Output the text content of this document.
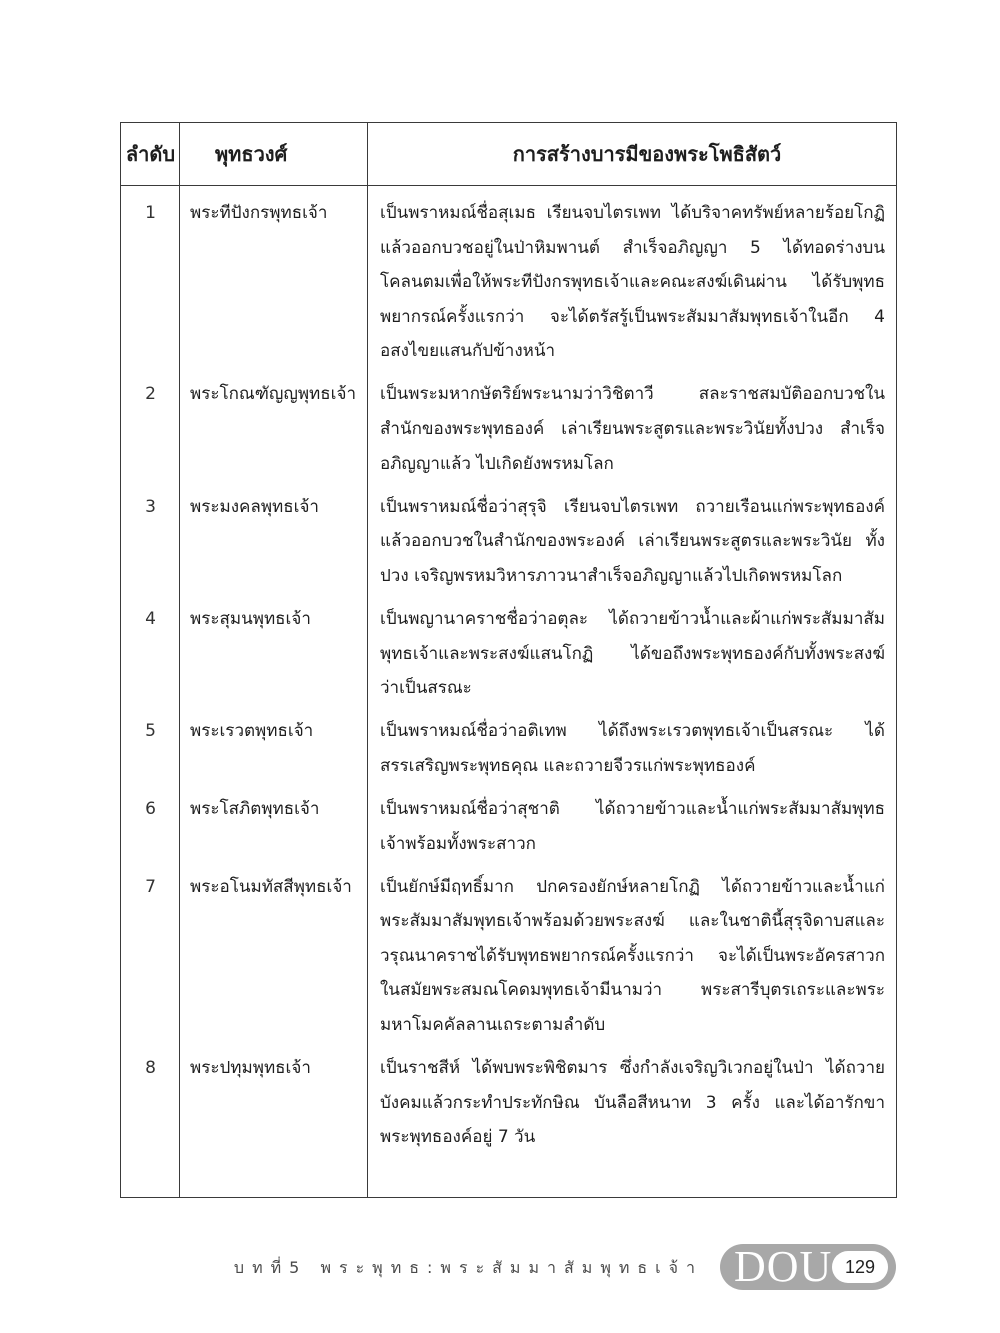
ลำดับ	พุทธวงศ์	การสร้างบารมีของพระโพธิสัตว์
1	พระทีปังกรพุทธเจ้า	เป็นพราหมณ์ชื่อสุเมธ เรียนจบไตรเพท ได้บริจาคทรัพย์หลายร้อยโกฏิ
แล้วออกบวชอยู่ในป่าหิมพานต์ สำเร็จอภิญญา 5 ได้ทอดร่างบน
โคลนตมเพื่อให้พระทีปังกรพุทธเจ้าและคณะสงฆ์เดินผ่าน ได้รับพุทธ
พยากรณ์ครั้งแรกว่า จะได้ตรัสรู้เป็นพระสัมมาสัมพุทธเจ้าในอีก 4
อสงไขยแสนกัปข้างหน้า
2	พระโกณฑัญญพุทธเจ้า	เป็นพระมหากษัตริย์พระนามว่าวิชิตาวี สละราชสมบัติออกบวชใน
สำนักของพระพุทธองค์ เล่าเรียนพระสูตรและพระวินัยทั้งปวง สำเร็จ
อภิญญาแล้ว ไปเกิดยังพรหมโลก
3	พระมงคลพุทธเจ้า	เป็นพราหมณ์ชื่อว่าสุรุจิ เรียนจบไตรเพท ถวายเรือนแก่พระพุทธองค์
แล้วออกบวชในสำนักของพระองค์ เล่าเรียนพระสูตรและพระวินัย ทั้ง
ปวง เจริญพรหมวิหารภาวนาสำเร็จอภิญญาแล้วไปเกิดพรหมโลก
4	พระสุมนพุทธเจ้า	เป็นพญานาคราชชื่อว่าอตุละ ได้ถวายข้าวน้ำและผ้าแก่พระสัมมาสัม
พุทธเจ้าและพระสงฆ์แสนโกฏิ ได้ขอถึงพระพุทธองค์กับทั้งพระสงฆ์
ว่าเป็นสรณะ
5	พระเรวตพุทธเจ้า	เป็นพราหมณ์ชื่อว่าอติเทพ ได้ถึงพระเรวตพุทธเจ้าเป็นสรณะ ได้
สรรเสริญพระพุทธคุณ และถวายจีวรแก่พระพุทธองค์
6	พระโสภิตพุทธเจ้า	เป็นพราหมณ์ชื่อว่าสุชาติ ได้ถวายข้าวและน้ำแก่พระสัมมาสัมพุทธ
เจ้าพร้อมทั้งพระสาวก
7	พระอโนมทัสสีพุทธเจ้า	เป็นยักษ์มีฤทธิ์มาก ปกครองยักษ์หลายโกฏิ ได้ถวายข้าวและน้ำแก่
พระสัมมาสัมพุทธเจ้าพร้อมด้วยพระสงฆ์ และในชาตินี้สุรุจิดาบสและ
วรุณนาคราชได้รับพุทธพยากรณ์ครั้งแรกว่า จะได้เป็นพระอัครสาวก
ในสมัยพระสมณโคดมพุทธเจ้ามีนามว่า พระสารีบุตรเถระและพระ
มหาโมคคัลลานเถระตามลำดับ
8	พระปทุมพุทธเจ้า	เป็นราชสีห์ ได้พบพระพิชิตมาร ซึ่งกำลังเจริญวิเวกอยู่ในป่า ได้ถวาย
บังคมแล้วกระทำประทักษิณ บันลือสีหนาท 3 ครั้ง และได้อารักขา
พระพุทธองค์อยู่ 7 วัน
บทที่5 พระพุทธ:พระสัมมาสัมพุทธเจ้า DOU 129
